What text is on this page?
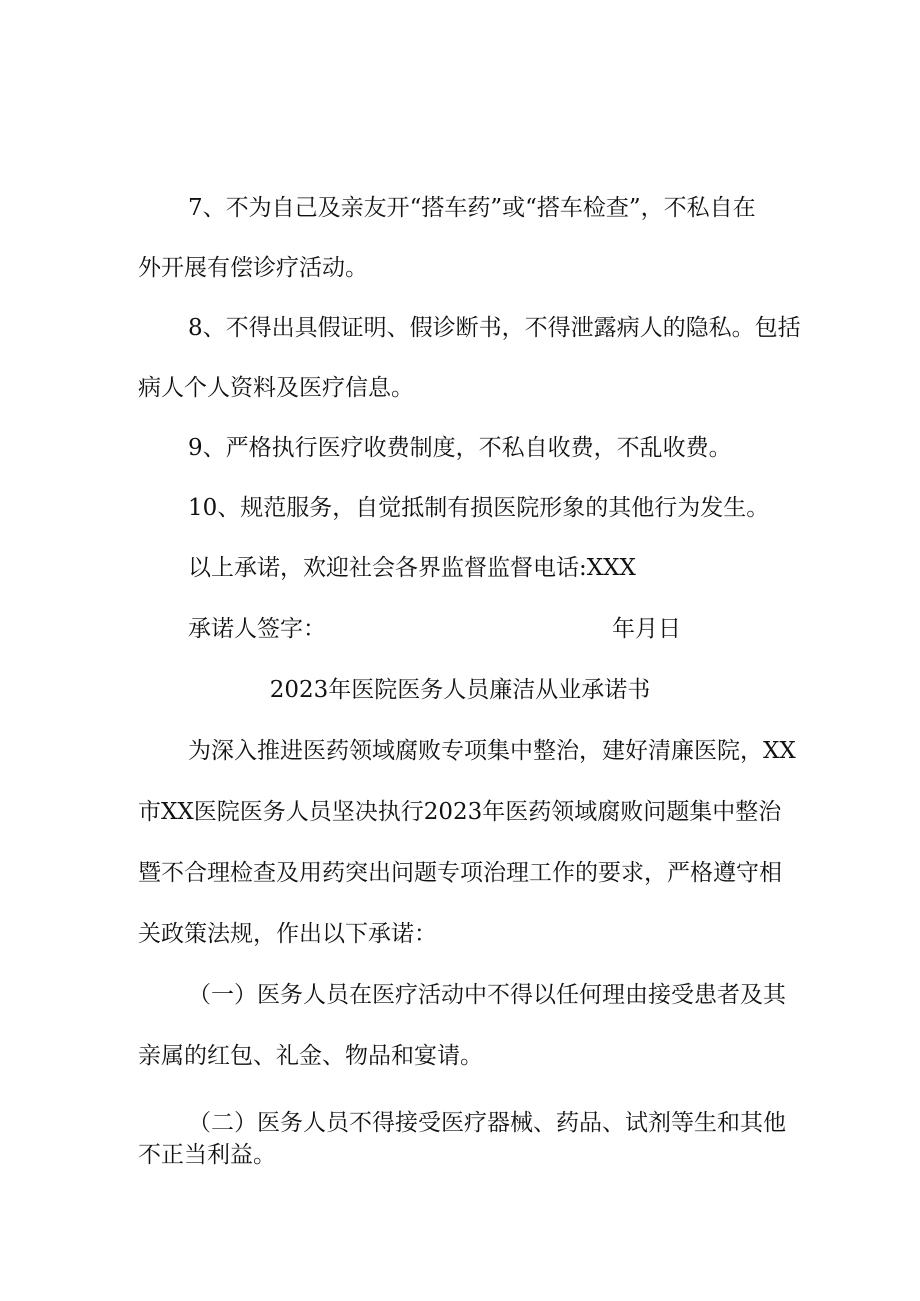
7、不为自己及亲友开“搭车药”或“搭车检查”，不私自在

外开展有偿诊疗活动。

8、不得出具假证明、假诊断书，不得泄露病人的隐私。包括

病人个人资料及医疗信息。

9、严格执行医疗收费制度，不私自收费，不乱收费。

10、规范服务，自觉抵制有损医院形象的其他行为发生。

以上承诺，欢迎社会各界监督监督电话:XXX

承诺人签字：	年月日

2023年医院医务人员廉洁从业承诺书

为深入推进医药领域腐败专项集中整治，建好清廉医院，XX

市XX医院医务人员坚决执行2023年医药领域腐败问题集中整治

暨不合理检查及用药突出问题专项治理工作的要求，严格遵守相

关政策法规，作出以下承诺：

（一）医务人员在医疗活动中不得以任何理由接受患者及其

亲属的红包、礼金、物品和宴请。

（二）医务人员不得接受医疗器械、药品、试剂等生和其他

不正当利益。
